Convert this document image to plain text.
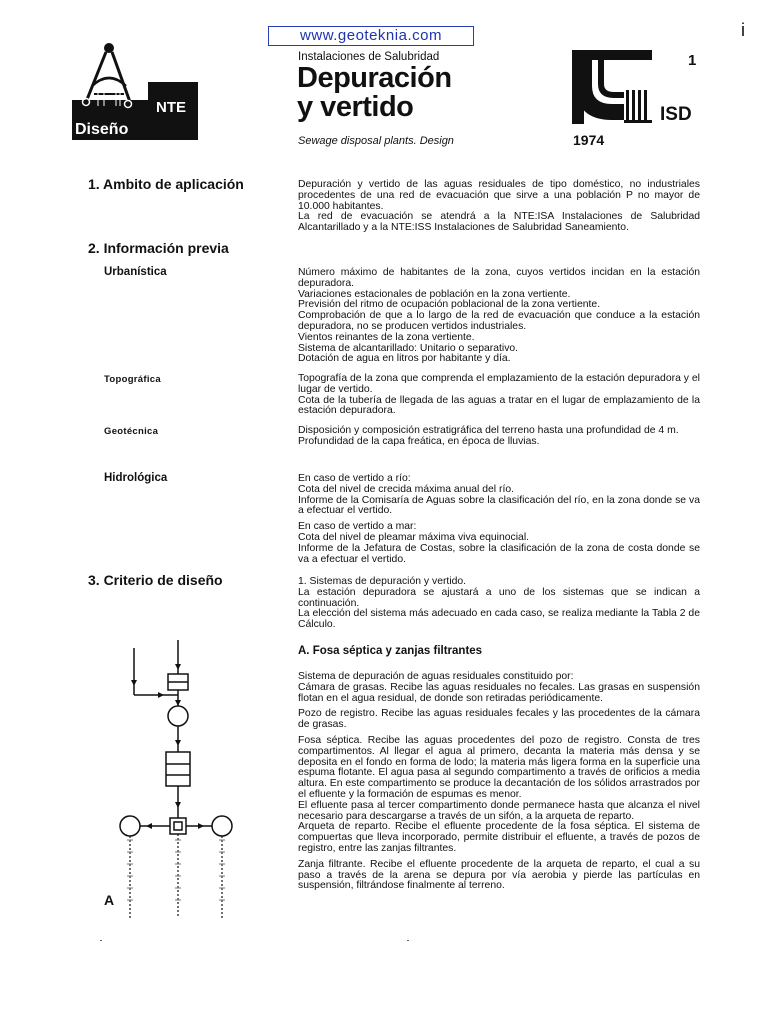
www.geoteknia.com	i
NTE
Diseño
Instalaciones de Salubridad
Depuración
y vertido
Sewage disposal plants. Design
1
ISD
1974
1. Ambito de aplicación	Depuración y vertido de las aguas residuales de tipo doméstico, no industriales procedentes de una red de evacuación que sirve a una población P no mayor de 10.000 habitantes.

La red de evacuación se atendrá a la NTE:ISA Instalaciones de Salubridad Alcantarillado y a la NTE:ISS Instalaciones de Salubridad Saneamiento.

2. Información previa
Urbanística	Número máximo de habitantes de la zona, cuyos vertidos incidan en la estación depuradora.

Variaciones estacionales de población en la zona vertiente.

Previsión del ritmo de ocupación poblacional de la zona vertiente.

Comprobación de que a lo largo de la red de evacuación que conduce a la estación depuradora, no se producen vertidos industriales.

Vientos reinantes de la zona vertiente.

Sistema de alcantarillado: Unitario o separativo.

Dotación de agua en litros por habitante y día.

Topográfica	Topografía de la zona que comprenda el emplazamiento de la estación depuradora y el lugar de vertido.

Cota de la tubería de llegada de las aguas a tratar en el lugar de emplazamiento de la estación depuradora.

Geotécnica	Disposición y composición estratigráfica del terreno hasta una profundidad de 4 m.

Profundidad de la capa freática, en época de lluvias.

Hidrológica	En caso de vertido a río:

Cota del nivel de crecida máxima anual del río.

Informe de la Comisaría de Aguas sobre la clasificación del río, en la zona donde se va a efectuar el vertido.

En caso de vertido a mar:

Cota del nivel de pleamar máxima viva equinocial.

Informe de la Jefatura de Costas, sobre la clasificación de la zona de costa donde se va a efectuar el vertido.

3. Criterio de diseño	1. Sistemas de depuración y vertido.

La estación depuradora se ajustará a uno de los sistemas que se indican a continuación.

La elección del sistema más adecuado en cada caso, se realiza mediante la Tabla 2 de Cálculo.

A. Fosa séptica y zanjas filtrantes

Sistema de depuración de aguas residuales constituido por:
Cámara de grasas. Recibe las aguas residuales no fecales. Las grasas en suspensión flotan en el agua residual, de donde son retiradas periódicamente.

Pozo de registro. Recibe las aguas residuales fecales y las procedentes de la cámara de grasas.

Fosa séptica. Recibe las aguas procedentes del pozo de registro. Consta de tres compartimentos. Al llegar el agua al primero, decanta la materia más densa y se deposita en el fondo en forma de lodo; la materia más ligera forma en la superficie una espuma flotante. El agua pasa al segundo compartimento a través de orificios a media altura. En este compartimento se produce la decantación de los sólidos arrastrados por el efluente y la formación de espumas es menor.
El efluente pasa al tercer compartimento donde permanece hasta que alcanza el nivel necesario para descargarse a través de un sifón, a la arqueta de reparto.

Arqueta de reparto. Recibe el efluente procedente de la fosa séptica. El sistema de compuertas que lleva incorporado, permite distribuir el efluente, a través de pozos de registro, entre las zanjas filtrantes.

Zanja filtrante. Recibe el efluente procedente de la arqueta de reparto, el cual a su paso a través de la arena se depura por vía aerobia y pierde las partículas en suspensión, filtrándose finalmente al terreno.

A
